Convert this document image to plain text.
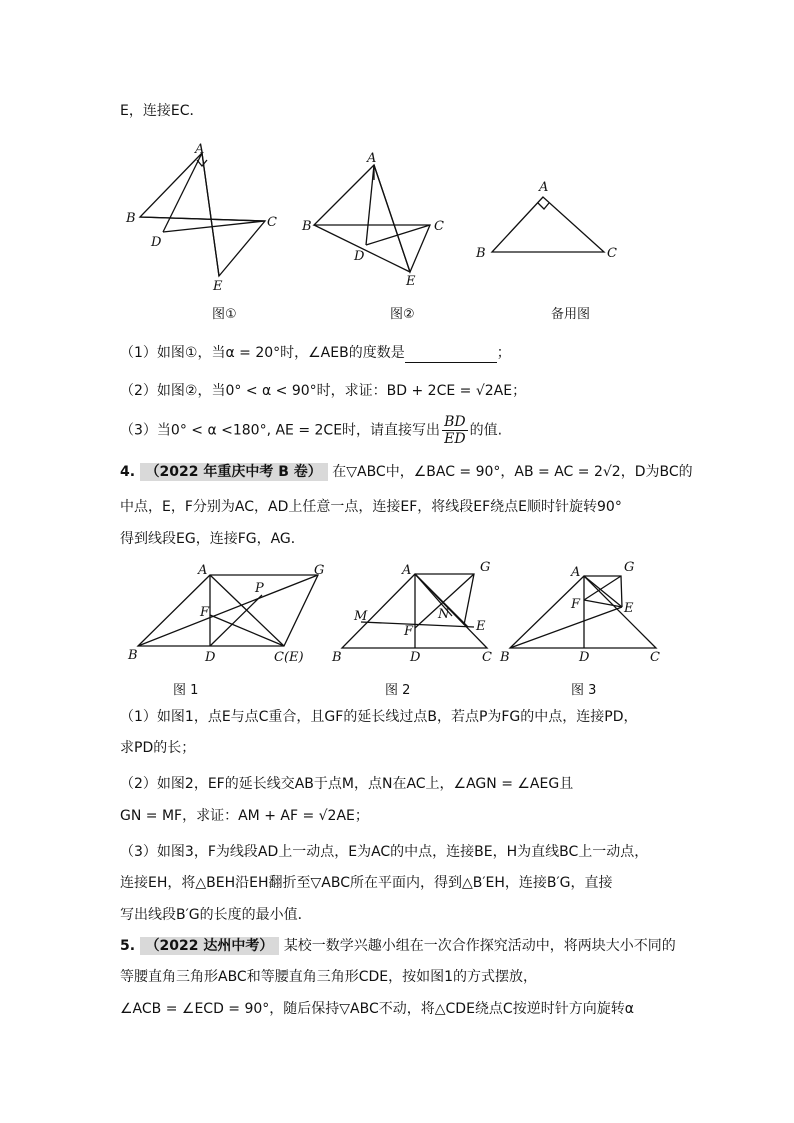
E，连接EC．
A
B	C
D
E
图①
A
B	C
D
E
图②
A
B	C
备用图
（1）如图①，当α = 20°时，∠AEB的度数是	；
（2）如图②，当0° < α < 90°时，求证：BD + 2CE = √2AE；
（3）当0° < α <180°, AE = 2CE时，请直接写出 $\frac{BD}{ED}$ 的值.
4. （2022 年重庆中考 B 卷） 在▽ABC中，∠BAC = 90°，AB = AC = 2√2，D为BC的
中点，E，F分别为AC，AD上任意一点，连接EF，将线段EF绕点E顺时针旋转90°
得到线段EG，连接FG，AG．
A	G
P
F
B	D	C(E)
图 1
A	G
M	N
F	E
B	D	C
图 2
A	G
F	E
B	D	C
图 3
（1）如图1，点E与点C重合，且GF的延长线过点B，若点P为FG的中点，连接PD，
求PD的长；
（2）如图2，EF的延长线交AB于点M，点N在AC上，∠AGN = ∠AEG且
GN = MF，求证：AM + AF = √2AE；
（3）如图3，F为线段AD上一动点，E为AC的中点，连接BE，H为直线BC上一动点，
连接EH，将△BEH沿EH翻折至▽ABC所在平面内，得到△B′EH，连接B′G，直接
写出线段B′G的长度的最小值．
5. （2022 达州中考） 某校一数学兴趣小组在一次合作探究活动中，将两块大小不同的
等腰直角三角形ABC和等腰直角三角形CDE，按如图1的方式摆放，
∠ACB = ∠ECD = 90°，随后保持▽ABC不动，将△CDE绕点C按逆时针方向旋转α
